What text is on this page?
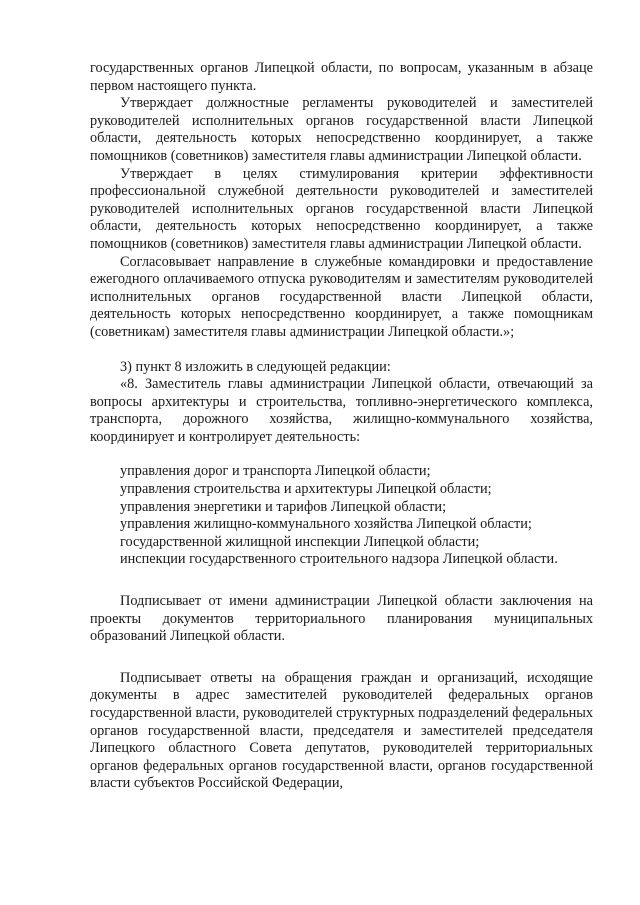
государственных органов Липецкой области, по вопросам, указанным в абзаце первом настоящего пункта.

Утверждает должностные регламенты руководителей и заместителей руководителей исполнительных органов государственной власти Липецкой области, деятельность которых непосредственно координирует, а также помощников (советников) заместителя главы администрации Липецкой области.

Утверждает в целях стимулирования критерии эффективности профессиональной служебной деятельности руководителей и заместителей руководителей исполнительных органов государственной власти Липецкой области, деятельность которых непосредственно координирует, а также помощников (советников) заместителя главы администрации Липецкой области.

Согласовывает направление в служебные командировки и предоставление ежегодного оплачиваемого отпуска руководителям и заместителям руководителей исполнительных органов государственной власти Липецкой области, деятельность которых непосредственно координирует, а также помощникам (советникам) заместителя главы администрации Липецкой области.»;

3) пункт 8 изложить в следующей редакции:

«8. Заместитель главы администрации Липецкой области, отвечающий за вопросы архитектуры и строительства, топливно-энергетического комплекса, транспорта, дорожного хозяйства, жилищно-коммунального хозяйства, координирует и контролирует деятельность:

управления дорог и транспорта Липецкой области;
управления строительства и архитектуры Липецкой области;
управления энергетики и тарифов Липецкой области;
управления жилищно-коммунального хозяйства Липецкой области;
государственной жилищной инспекции Липецкой области;
инспекции государственного строительного надзора Липецкой области.

Подписывает от имени администрации Липецкой области заключения на проекты документов территориального планирования муниципальных образований Липецкой области.

Подписывает ответы на обращения граждан и организаций, исходящие документы в адрес заместителей руководителей федеральных органов государственной власти, руководителей структурных подразделений федеральных органов государственной власти, председателя и заместителей председателя Липецкого областного Совета депутатов, руководителей территориальных органов федеральных органов государственной власти, органов государственной власти субъектов Российской Федерации,
